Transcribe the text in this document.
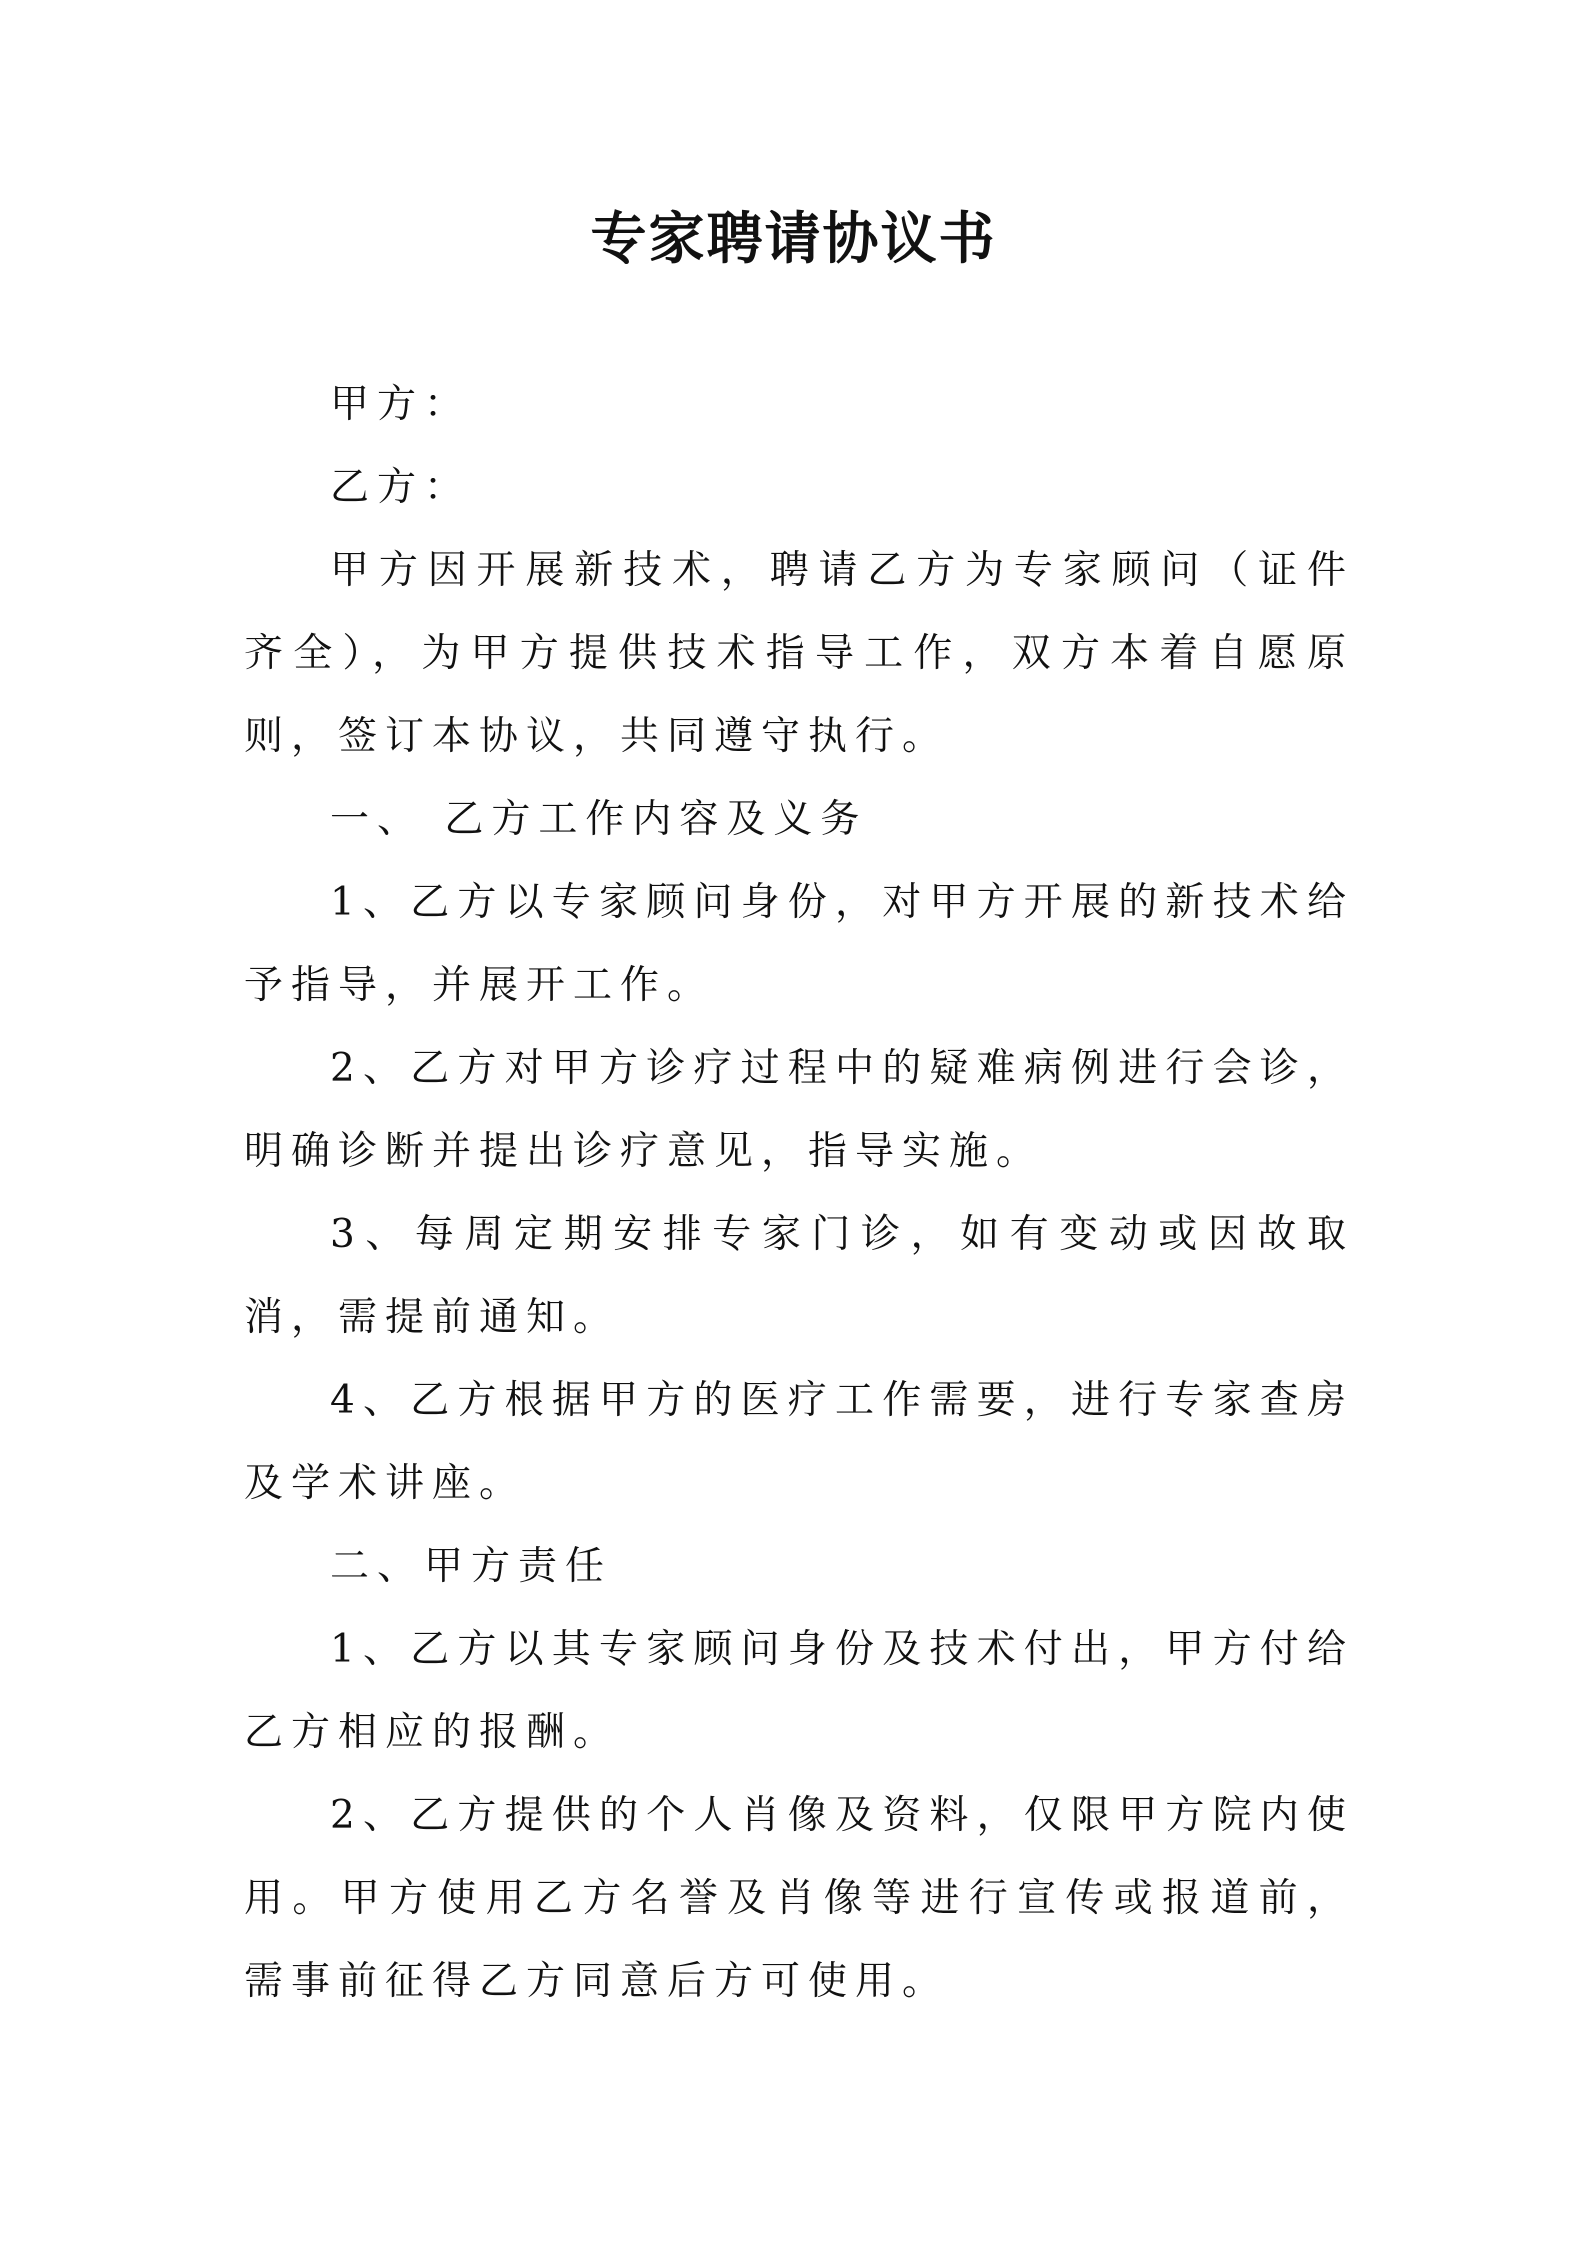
专家聘请协议书

甲方：

乙方：

甲方因开展新技术，聘请乙方为专家顾问（证件齐全），为甲方提供技术指导工作，双方本着自愿原则，签订本协议，共同遵守执行。

一、 乙方工作内容及义务

1、乙方以专家顾问身份，对甲方开展的新技术给予指导，并展开工作。

2、乙方对甲方诊疗过程中的疑难病例进行会诊，明确诊断并提出诊疗意见，指导实施。

3、每周定期安排专家门诊，如有变动或因故取消，需提前通知。

4、乙方根据甲方的医疗工作需要，进行专家查房及学术讲座。

二、甲方责任

1、乙方以其专家顾问身份及技术付出，甲方付给乙方相应的报酬。

2、乙方提供的个人肖像及资料，仅限甲方院内使用。甲方使用乙方名誉及肖像等进行宣传或报道前，需事前征得乙方同意后方可使用。
